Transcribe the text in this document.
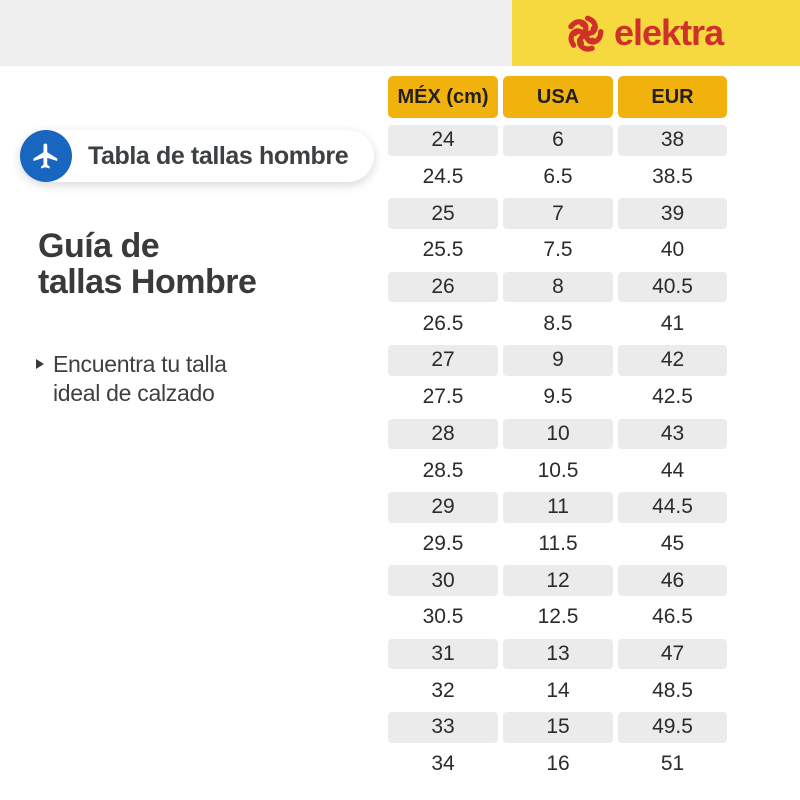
elektra
Tabla de tallas hombre
Guía de
tallas Hombre
Encuentra tu talla
ideal de calzado
MÉX (cm)	USA	EUR
24	6	38
24.5	6.5	38.5
25	7	39
25.5	7.5	40
26	8	40.5
26.5	8.5	41
27	9	42
27.5	9.5	42.5
28	10	43
28.5	10.5	44
29	11	44.5
29.5	11.5	45
30	12	46
30.5	12.5	46.5
31	13	47
32	14	48.5
33	15	49.5
34	16	51
